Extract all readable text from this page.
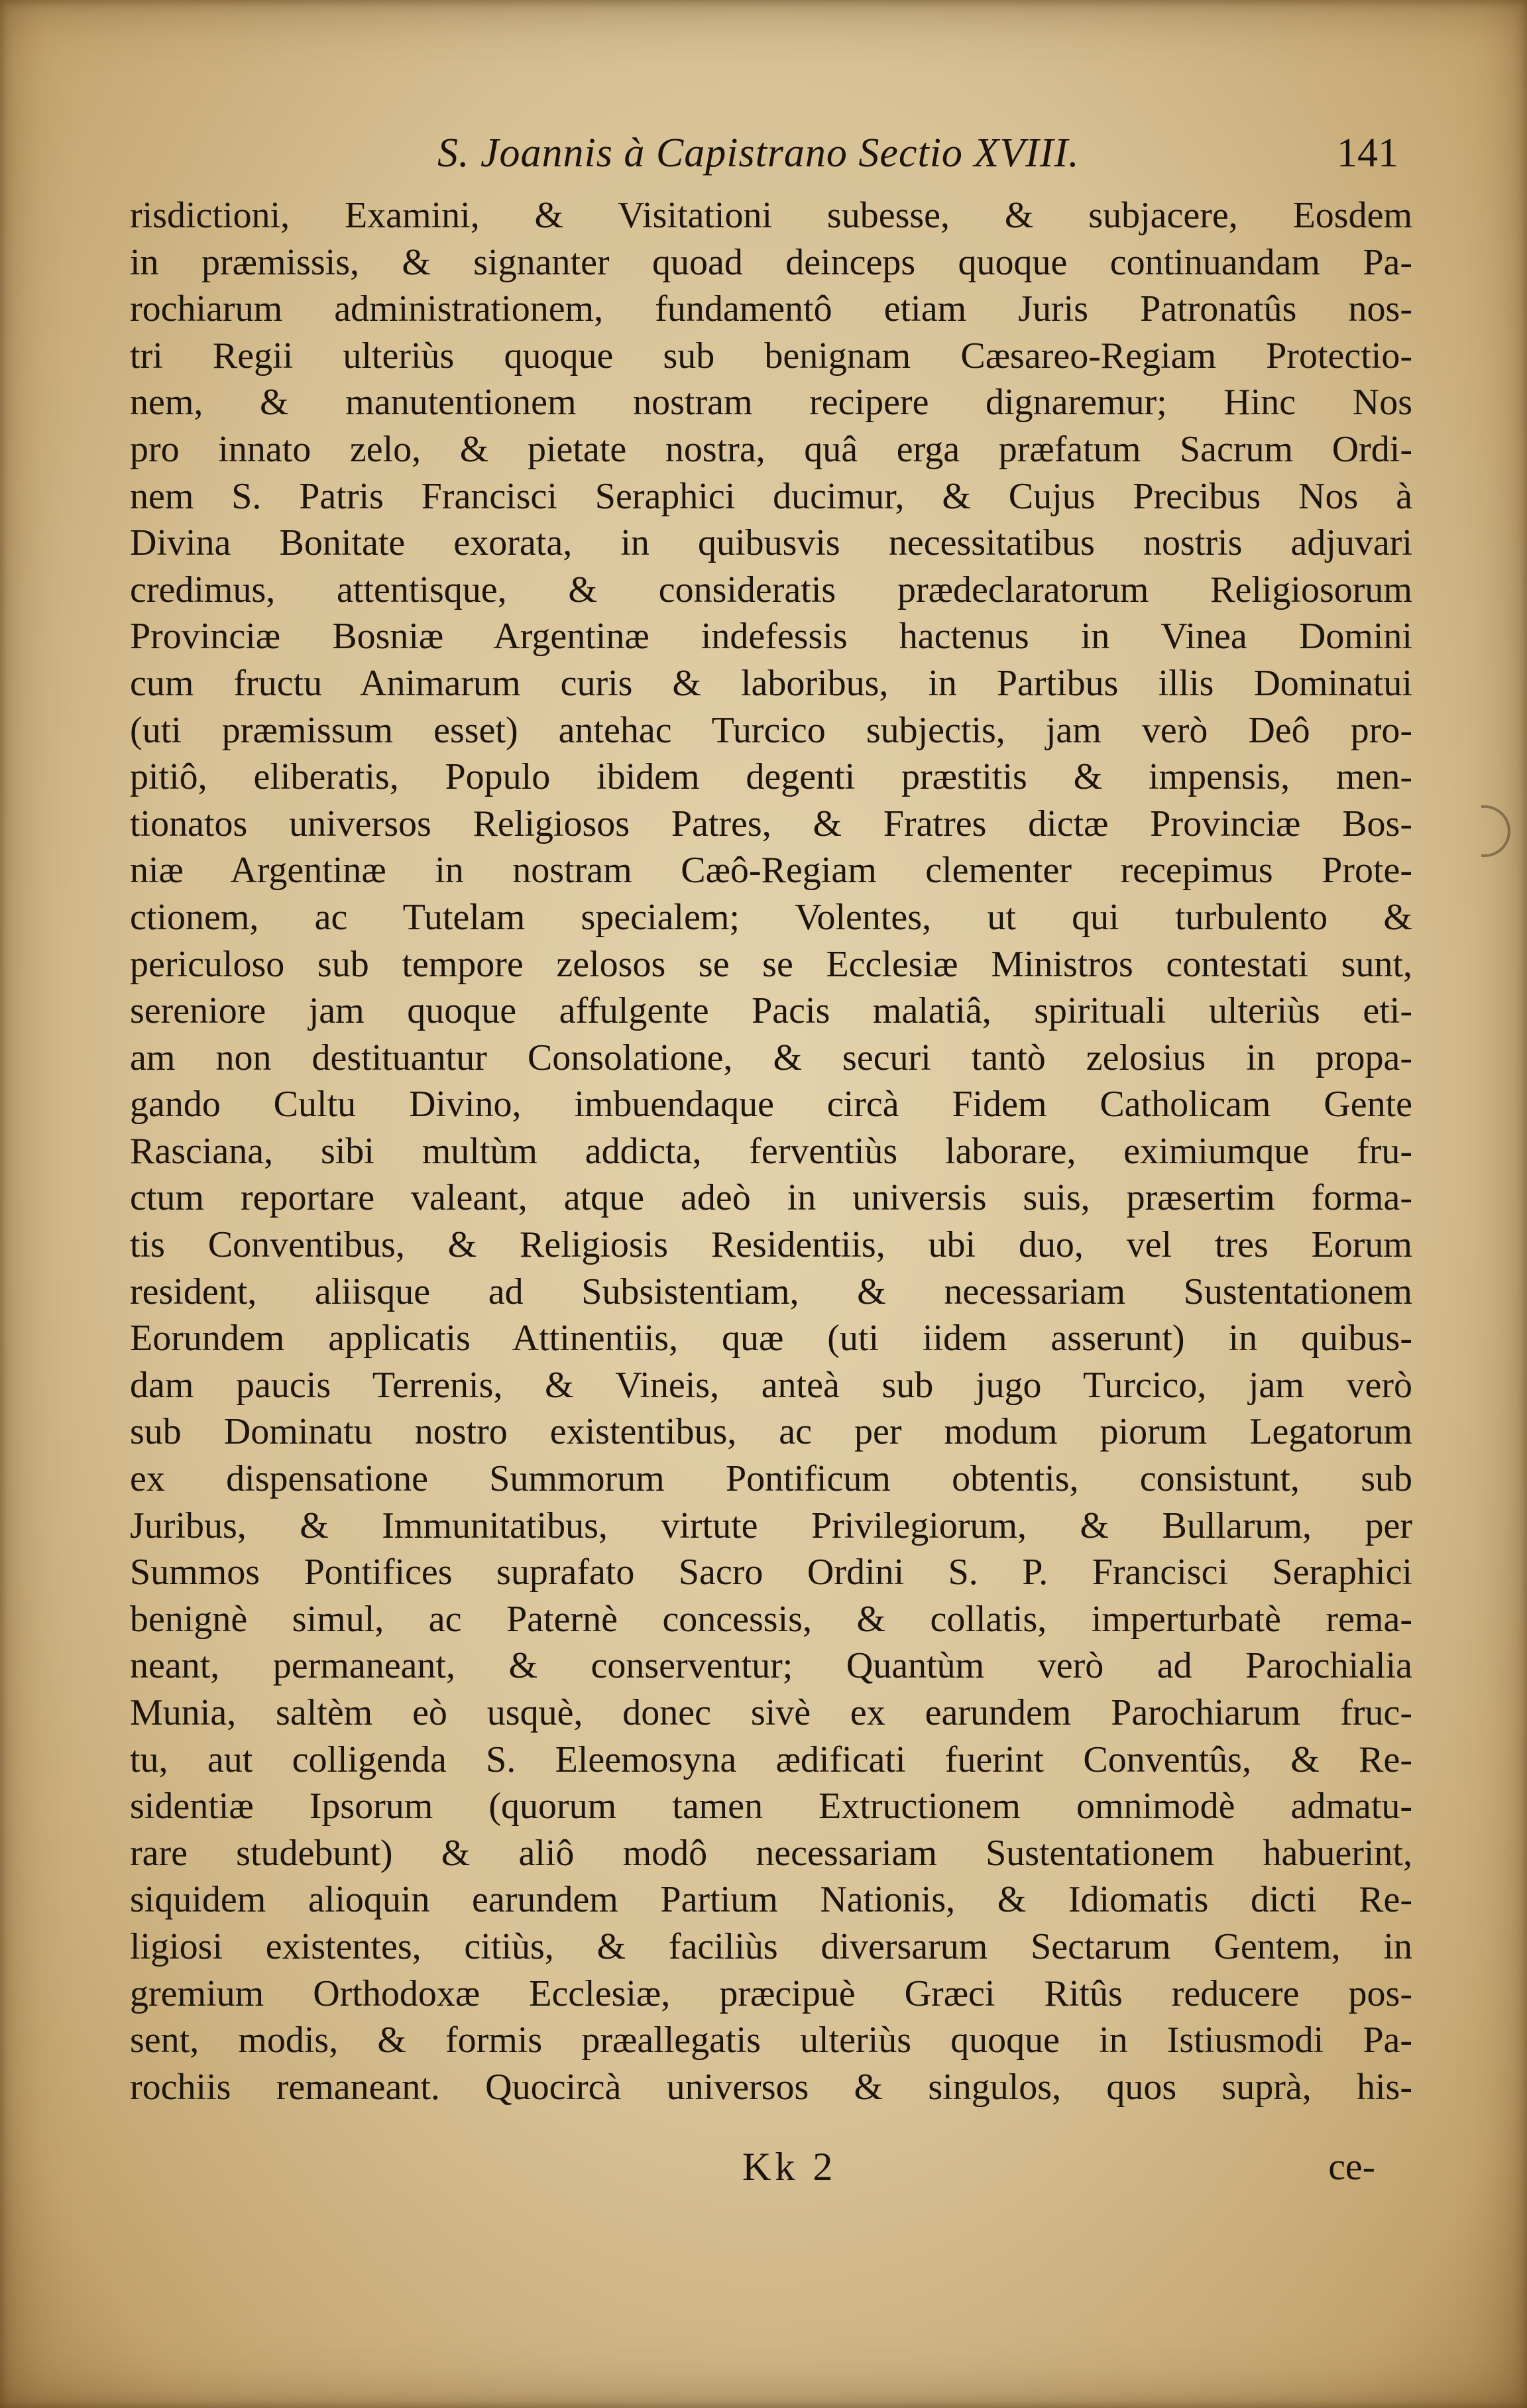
S. Joannis à Capistrano Sectio XVIII.	141
risdictioni, Examini, & Visitationi subesse, & subjacere, Eosdem
in præmissis, & signanter quoad deinceps quoque continuandam Pa-
rochiarum administrationem, fundamentô etiam Juris Patronatûs nos-
tri Regii ulteriùs quoque sub benignam Cæsareo-Regiam Protectio-
nem, & manutentionem nostram recipere dignaremur; Hinc Nos
pro innato zelo, & pietate nostra, quâ erga præfatum Sacrum Ordi-
nem S. Patris Francisci Seraphici ducimur, & Cujus Precibus Nos à
Divina Bonitate exorata, in quibusvis necessitatibus nostris adjuvari
credimus, attentisque, & consideratis prædeclaratorum Religiosorum
Provinciæ Bosniæ Argentinæ indefessis hactenus in Vinea Domini
cum fructu Animarum curis & laboribus, in Partibus illis Dominatui
(uti præmissum esset) antehac Turcico subjectis, jam verò Deô pro-
pitiô, eliberatis, Populo ibidem degenti præstitis & impensis, men-
tionatos universos Religiosos Patres, & Fratres dictæ Provinciæ Bos-
niæ Argentinæ in nostram Cæô-Regiam clementer recepimus Prote-
ctionem, ac Tutelam specialem; Volentes, ut qui turbulento &
periculoso sub tempore zelosos se se Ecclesiæ Ministros contestati sunt,
sereniore jam quoque affulgente Pacis malatiâ, spirituali ulteriùs eti-
am non destituantur Consolatione, & securi tantò zelosius in propa-
gando Cultu Divino, imbuendaque circà Fidem Catholicam Gente
Rasciana, sibi multùm addicta, ferventiùs laborare, eximiumque fru-
ctum reportare valeant, atque adeò in universis suis, præsertim forma-
tis Conventibus, & Religiosis Residentiis, ubi duo, vel tres Eorum
resident, aliisque ad Subsistentiam, & necessariam Sustentationem
Eorundem applicatis Attinentiis, quæ (uti iidem asserunt) in quibus-
dam paucis Terrenis, & Vineis, anteà sub jugo Turcico, jam verò
sub Dominatu nostro existentibus, ac per modum piorum Legatorum
ex dispensatione Summorum Pontificum obtentis, consistunt, sub
Juribus, & Immunitatibus, virtute Privilegiorum, & Bullarum, per
Summos Pontifices suprafato Sacro Ordini S. P. Francisci Seraphici
benignè simul, ac Paternè concessis, & collatis, imperturbatè rema-
neant, permaneant, & conserventur; Quantùm verò ad Parochialia
Munia, saltèm eò usquè, donec sivè ex earundem Parochiarum fruc-
tu, aut colligenda S. Eleemosyna ædificati fuerint Conventûs, & Re-
sidentiæ Ipsorum (quorum tamen Extructionem omnimodè admatu-
rare studebunt) & aliô modô necessariam Sustentationem habuerint,
siquidem alioquin earundem Partium Nationis, & Idiomatis dicti Re-
ligiosi existentes, citiùs, & faciliùs diversarum Sectarum Gentem, in
gremium Orthodoxæ Ecclesiæ, præcipuè Græci Ritûs reducere pos-
sent, modis, & formis præallegatis ulteriùs quoque in Istiusmodi Pa-
rochiis remaneant. Quocircà universos & singulos, quos suprà, his-
Kk 2	ce-
